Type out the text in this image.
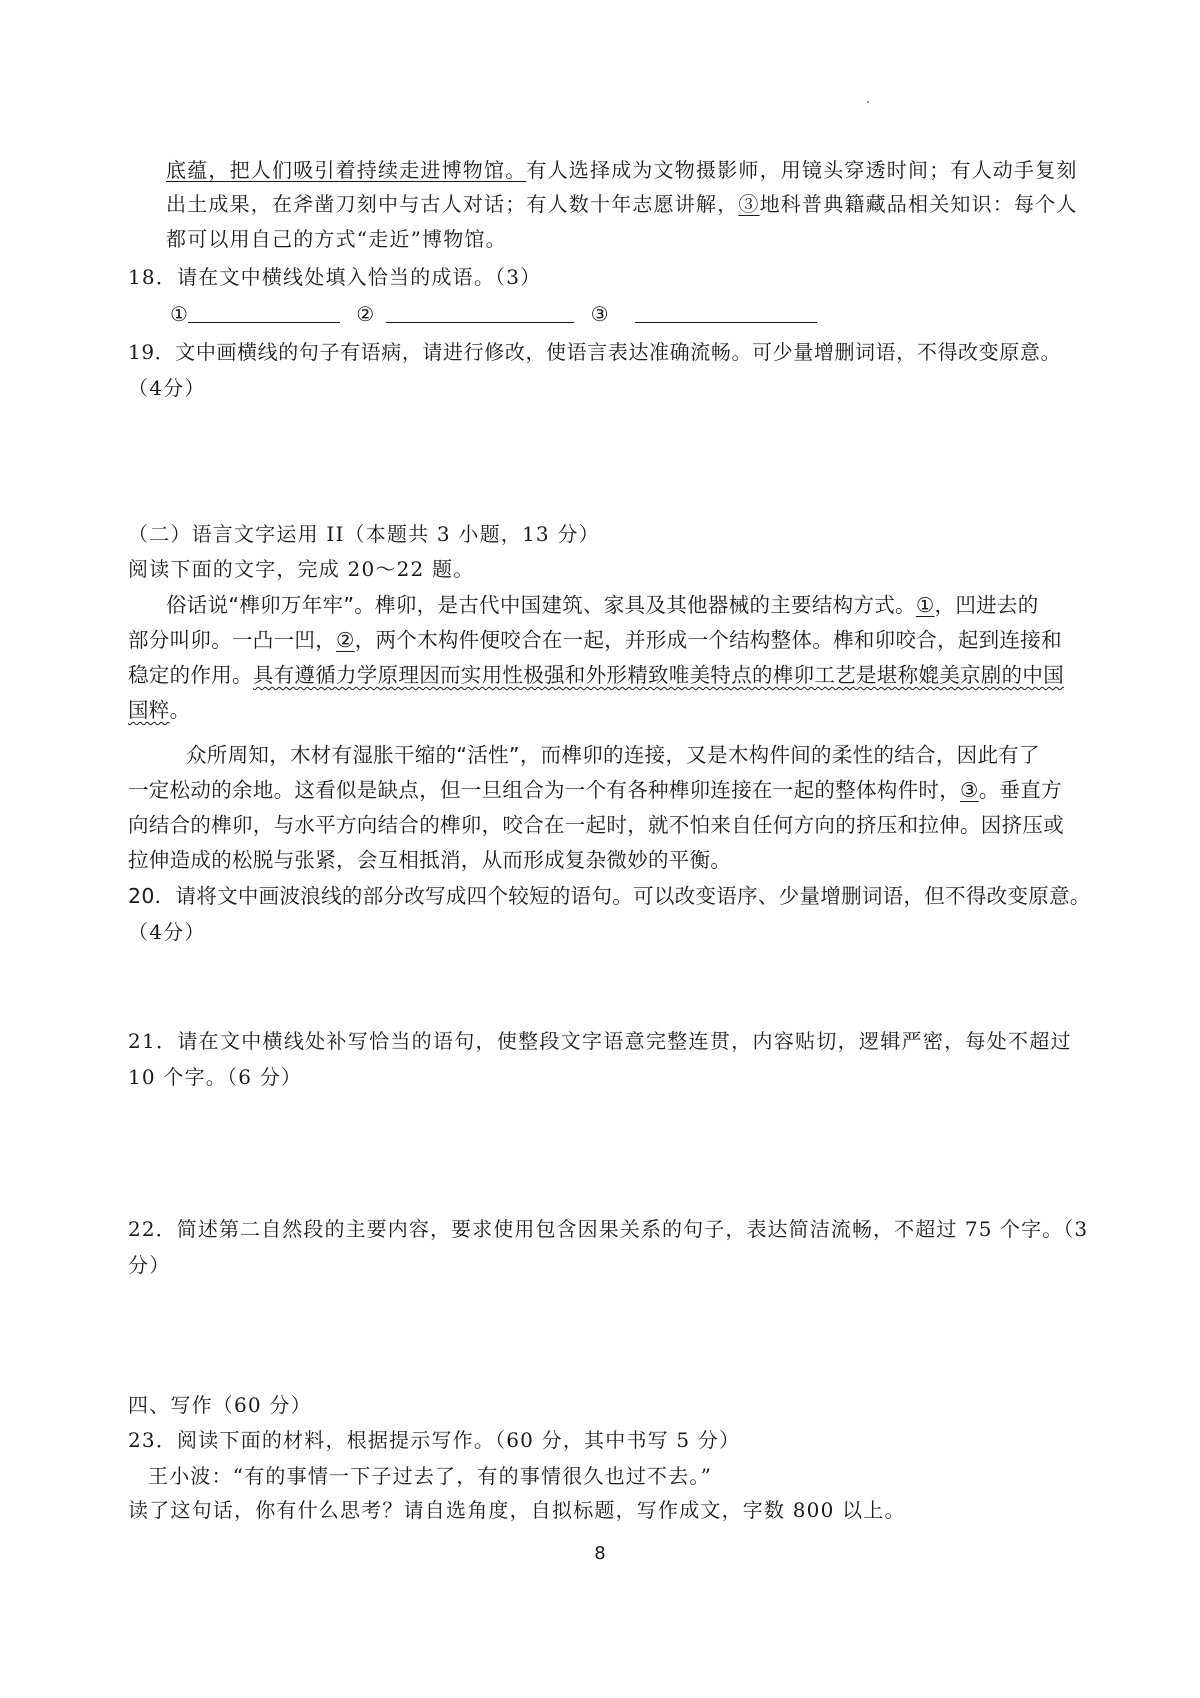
底蕴，把人们吸引着持续走进博物馆。有人选择成为文物摄影师，用镜头穿透时间；有人动手复刻
出土成果，在斧凿刀刻中与古人对话；有人数十年志愿讲解，③地科普典籍藏品相关知识：每个人
都可以用自己的方式“走近”博物馆。
18．请在文中横线处填入恰当的成语。（3）
①	②	③
19．文中画横线的句子有语病，请进行修改，使语言表达准确流畅。可少量增删词语，不得改变原意。
（4分）
（二）语言文字运用 II（本题共 3 小题，13 分）
阅读下面的文字，完成 20～22 题。
俗话说“榫卯万年牢”。榫卯，是古代中国建筑、家具及其他器械的主要结构方式。①，凹进去的
部分叫卯。一凸一凹，②，两个木构件便咬合在一起，并形成一个结构整体。榫和卯咬合，起到连接和
稳定的作用。具有遵循力学原理因而实用性极强和外形精致唯美特点的榫卯工艺是堪称媲美京剧的中国
国粹。
众所周知，木材有湿胀干缩的“活性”，而榫卯的连接，又是木构件间的柔性的结合，因此有了
一定松动的余地。这看似是缺点，但一旦组合为一个有各种榫卯连接在一起的整体构件时，③。垂直方
向结合的榫卯，与水平方向结合的榫卯，咬合在一起时，就不怕来自任何方向的挤压和拉伸。因挤压或
拉伸造成的松脱与张紧，会互相抵消，从而形成复杂微妙的平衡。
20．请将文中画波浪线的部分改写成四个较短的语句。可以改变语序、少量增删词语，但不得改变原意。
（4分）
21．请在文中横线处补写恰当的语句，使整段文字语意完整连贯，内容贴切，逻辑严密，每处不超过
10 个字。（6 分）
22．简述第二自然段的主要内容，要求使用包含因果关系的句子，表达简洁流畅，不超过 75 个字。（3
分）
四、写作（60 分）
23．阅读下面的材料，根据提示写作。（60 分，其中书写 5 分）
王小波：“有的事情一下子过去了，有的事情很久也过不去。”
读了这句话，你有什么思考？请自选角度，自拟标题，写作成文，字数 800 以上。
8
